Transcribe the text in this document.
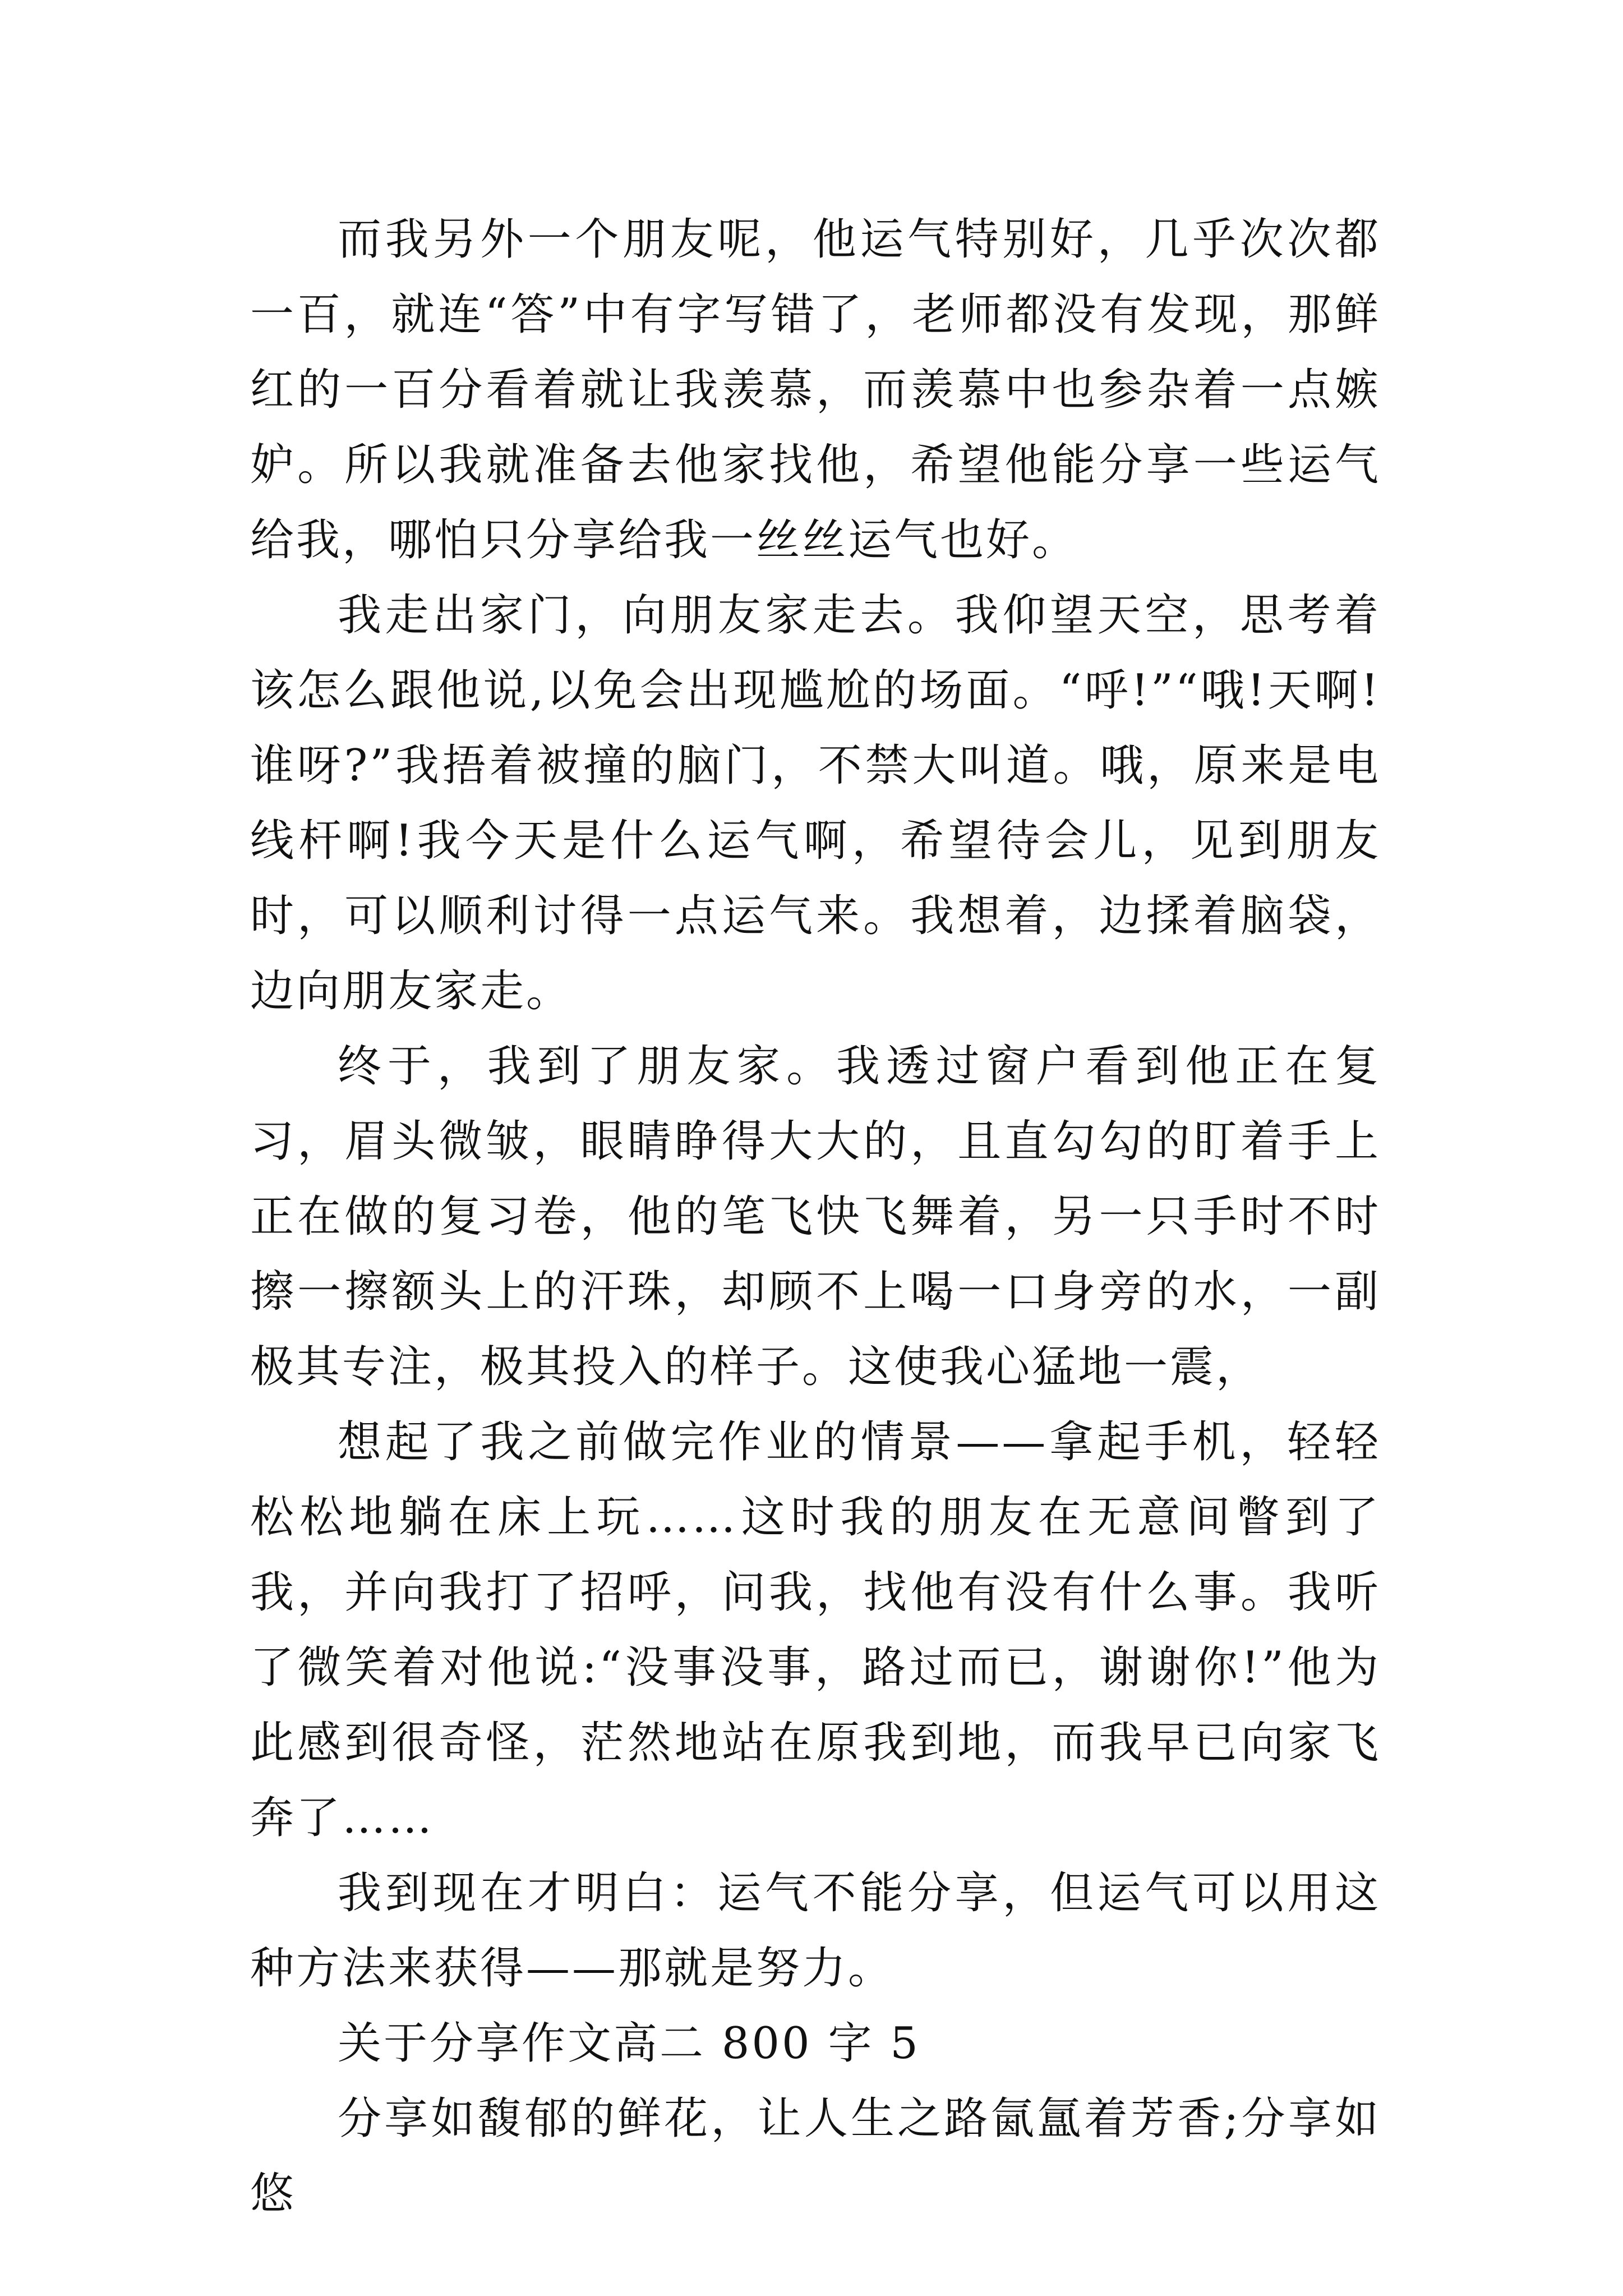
而我另外一个朋友呢，他运气特别好，几乎次次都一百，就连“答”中有字写错了，老师都没有发现，那鲜红的一百分看着就让我羡慕，而羡慕中也参杂着一点嫉妒。所以我就准备去他家找他，希望他能分享一些运气给我，哪怕只分享给我一丝丝运气也好。

我走出家门，向朋友家走去。我仰望天空，思考着该怎么跟他说,以免会出现尴尬的场面。“呼!”“哦!天啊!谁呀?”我捂着被撞的脑门，不禁大叫道。哦，原来是电线杆啊!我今天是什么运气啊，希望待会儿，见到朋友时，可以顺利讨得一点运气来。我想着，边揉着脑袋，边向朋友家走。

终于，我到了朋友家。我透过窗户看到他正在复习，眉头微皱，眼睛睁得大大的，且直勾勾的盯着手上正在做的复习卷，他的笔飞快飞舞着，另一只手时不时擦一擦额头上的汗珠，却顾不上喝一口身旁的水，一副极其专注，极其投入的样子。这使我心猛地一震，

想起了我之前做完作业的情景——拿起手机，轻轻松松地躺在床上玩……这时我的朋友在无意间瞥到了我，并向我打了招呼，问我，找他有没有什么事。我听了微笑着对他说:“没事没事，路过而已，谢谢你!”他为此感到很奇怪，茫然地站在原我到地，而我早已向家飞奔了……

我到现在才明白：运气不能分享，但运气可以用这种方法来获得——那就是努力。

关于分享作文高二 800 字 5

分享如馥郁的鲜花，让人生之路氤氲着芳香;分享如悠
